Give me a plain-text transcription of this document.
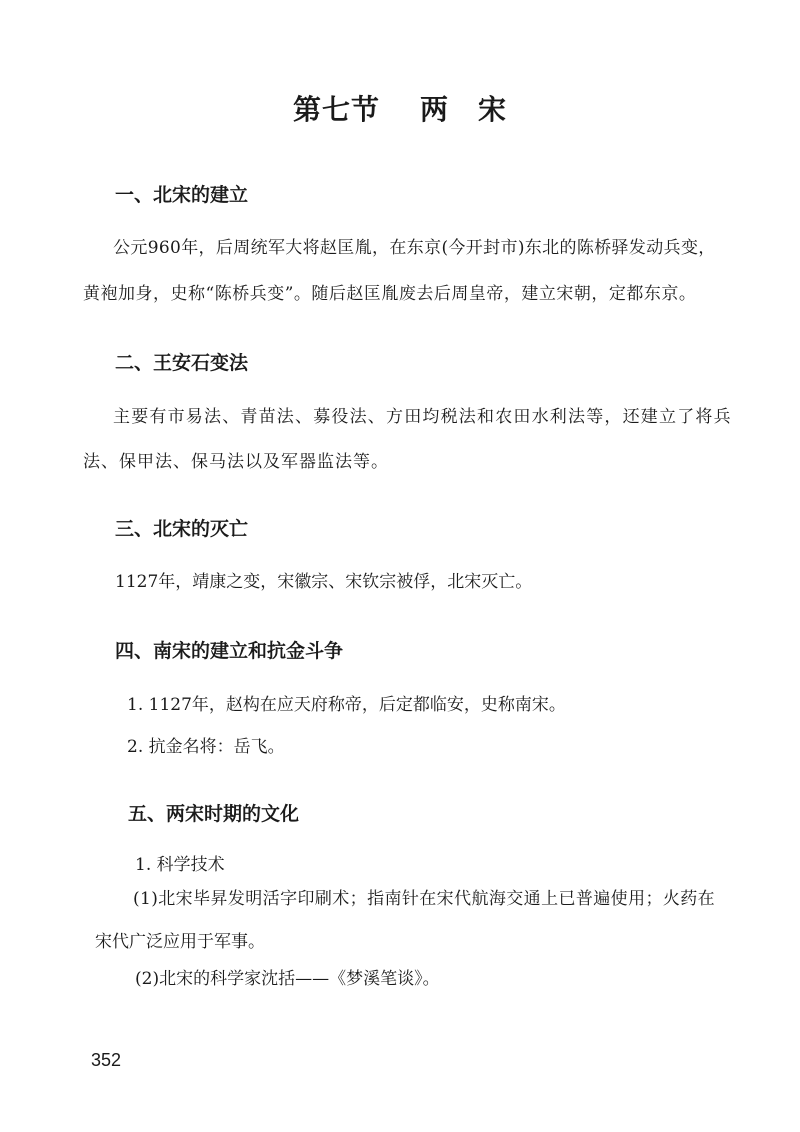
第七节 两　宋
一、北宋的建立
公元960年，后周统军大将赵匡胤，在东京(今开封市)东北的陈桥驿发动兵变，
黄袍加身，史称“陈桥兵变”。随后赵匡胤废去后周皇帝，建立宋朝，定都东京。
二、王安石变法
主要有市易法、青苗法、募役法、方田均税法和农田水利法等，还建立了将兵
法、保甲法、保马法以及军器监法等。
三、北宋的灭亡
1127年，靖康之变，宋徽宗、宋钦宗被俘，北宋灭亡。
四、南宋的建立和抗金斗争
1. 1127年，赵构在应天府称帝，后定都临安，史称南宋。
2. 抗金名将：岳飞。
五、两宋时期的文化
1. 科学技术
(1)北宋毕昇发明活字印刷术；指南针在宋代航海交通上已普遍使用；火药在
宋代广泛应用于军事。
(2)北宋的科学家沈括——《梦溪笔谈》。
352
